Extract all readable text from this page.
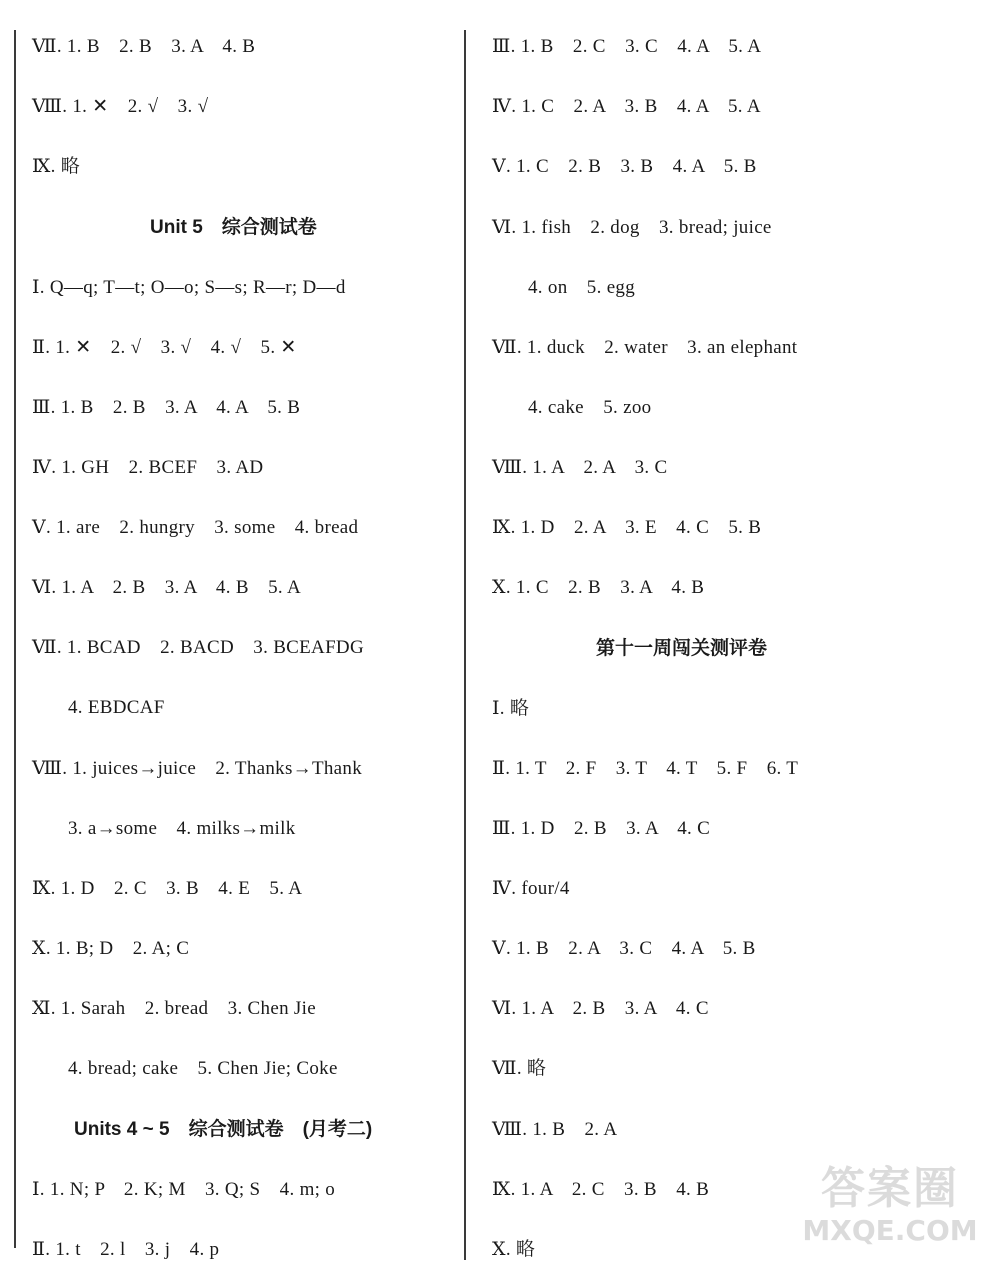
Ⅶ. 1. B　2. B　3. A　4. B
Ⅷ. 1. ✕　2. √　3. √
Ⅸ. 略
Unit 5　综合测试卷
Ⅰ. Q—q; T—t; O—o; S—s; R—r; D—d
Ⅱ. 1. ✕　2. √　3. √　4. √　5. ✕
Ⅲ. 1. B　2. B　3. A　4. A　5. B
Ⅳ. 1. GH　2. BCEF　3. AD
Ⅴ. 1. are　2. hungry　3. some　4. bread
Ⅵ. 1. A　2. B　3. A　4. B　5. A
Ⅶ. 1. BCAD　2. BACD　3. BCEAFDG
4. EBDCAF
Ⅷ. 1. juices→juice　2. Thanks→Thank
3. a→some　4. milks→milk
Ⅸ. 1. D　2. C　3. B　4. E　5. A
Ⅹ. 1. B; D　2. A; C
Ⅺ. 1. Sarah　2. bread　3. Chen Jie
4. bread; cake　5. Chen Jie; Coke
Units 4 ~ 5　综合测试卷　(月考二)
Ⅰ. 1. N; P　2. K; M　3. Q; S　4. m; o
Ⅱ. 1. t　2. l　3. j　4. p
Ⅲ. 1. B　2. C　3. C　4. A　5. A
Ⅳ. 1. C　2. A　3. B　4. A　5. A
Ⅴ. 1. C　2. B　3. B　4. A　5. B
Ⅵ. 1. fish　2. dog　3. bread; juice
4. on　5. egg
Ⅶ. 1. duck　2. water　3. an elephant
4. cake　5. zoo
Ⅷ. 1. A　2. A　3. C
Ⅸ. 1. D　2. A　3. E　4. C　5. B
Ⅹ. 1. C　2. B　3. A　4. B
第十一周闯关测评卷
Ⅰ. 略
Ⅱ. 1. T　2. F　3. T　4. T　5. F　6. T
Ⅲ. 1. D　2. B　3. A　4. C
Ⅳ. four/4
Ⅴ. 1. B　2. A　3. C　4. A　5. B
Ⅵ. 1. A　2. B　3. A　4. C
Ⅶ. 略
Ⅷ. 1. B　2. A
Ⅸ. 1. A　2. C　3. B　4. B
Ⅹ. 略
答案圈
MXQE.COM
